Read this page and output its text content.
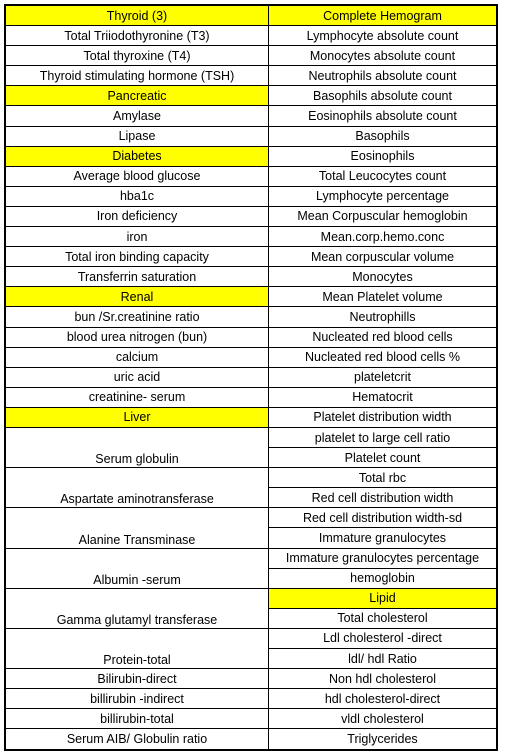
Thyroid (3)
Total Triiodothyronine (T3)
Total thyroxine (T4)
Thyroid stimulating hormone (TSH)
Pancreatic
Amylase
Lipase
Diabetes
Average blood glucose
hba1c
Iron deficiency
iron
Total iron binding capacity
Transferrin saturation
Renal
bun /Sr.creatinine ratio
blood urea nitrogen (bun)
calcium
uric acid
creatinine- serum
Liver
Serum globulin
Aspartate aminotransferase
Alanine Transminase
Albumin -serum
Gamma glutamyl transferase
Protein-total
Bilirubin-direct
billirubin -indirect
billirubin-total
Serum AIB/ Globulin ratio
Complete Hemogram
Lymphocyte absolute count
Monocytes absolute count
Neutrophils absolute count
Basophils absolute count
Eosinophils absolute count
Basophils
Eosinophils
Total Leucocytes count
Lymphocyte percentage
Mean Corpuscular hemoglobin
Mean.corp.hemo.conc
Mean corpuscular volume
Monocytes
Mean Platelet volume
Neutrophills
Nucleated red blood cells
Nucleated red blood cells %
plateletcrit
Hematocrit
Platelet distribution width
platelet to large cell ratio
Platelet count
Total rbc
Red cell distribution width
Red cell distribution width-sd
Immature granulocytes
Immature granulocytes percentage
hemoglobin
Lipid
Total cholesterol
Ldl cholesterol -direct
ldl/ hdl Ratio
Non hdl cholesterol
hdl cholesterol-direct
vldl cholesterol
Triglycerides
